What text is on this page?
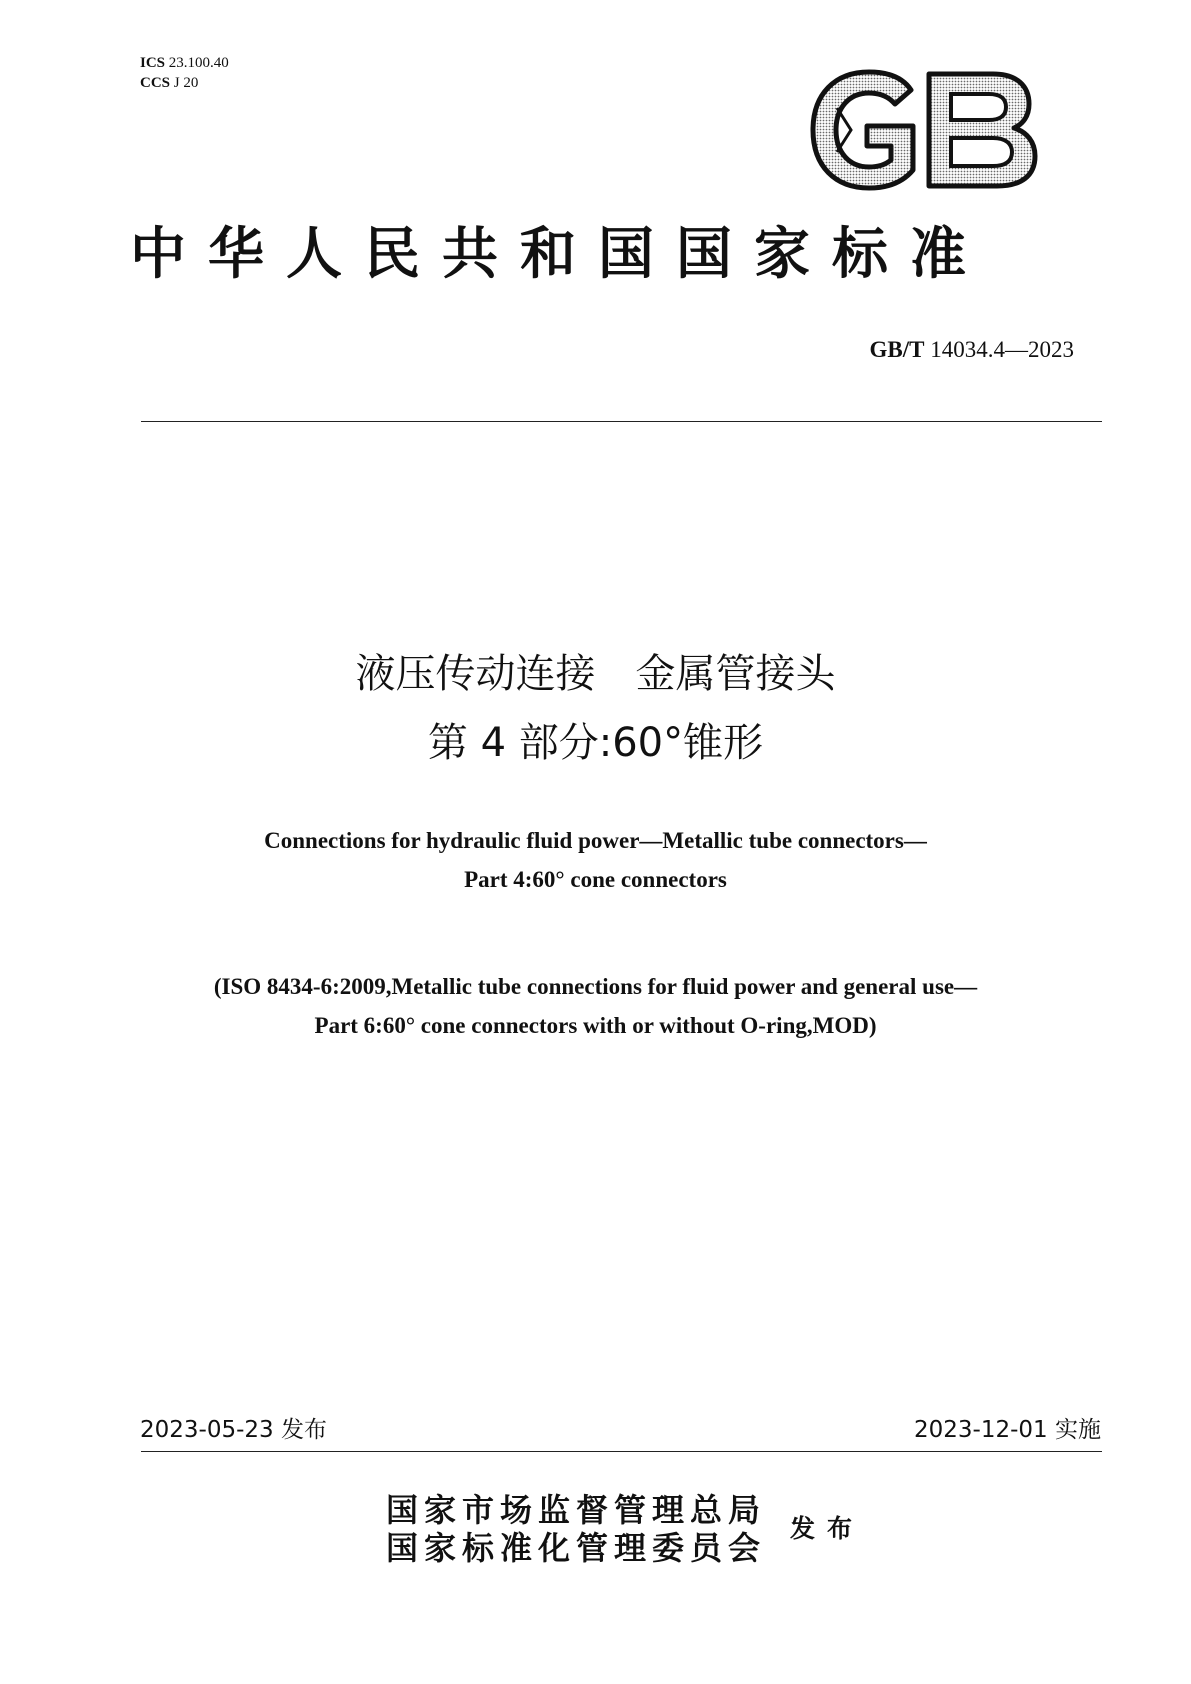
ICS 23.100.40
CCS J 20
中华人民共和国国家标准
GB/T 14034.4—2023
液压传动连接　金属管接头
第 4 部分:60°锥形
Connections for hydraulic fluid power—Metallic tube connectors—
Part 4:60° cone connectors
(ISO 8434-6:2009,Metallic tube connections for fluid power and general use—
Part 6:60° cone connectors with or without O-ring,MOD)
2023-05-23 发布	2023-12-01 实施
国家市场监督管理总局
国家标准化管理委员会
发布
